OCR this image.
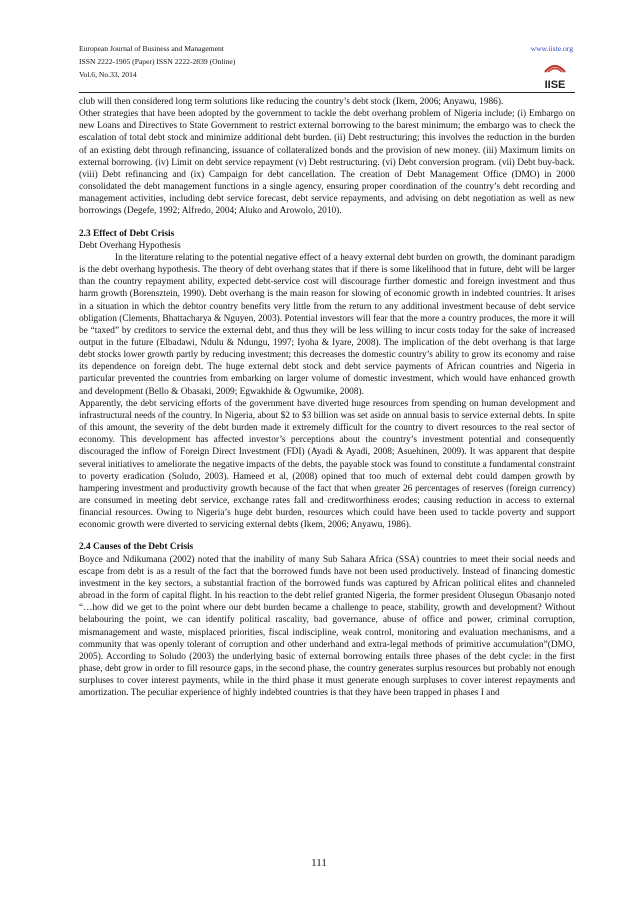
European Journal of Business and Management
ISSN 2222-1905 (Paper) ISSN 2222-2839 (Online)
Vol.6, No.33, 2014
www.iiste.org
IISE

club will then considered long term solutions like reducing the country’s debt stock (Ikem, 2006; Anyawu, 1986).

Other strategies that have been adopted by the government to tackle the debt overhang problem of Nigeria include; (i) Embargo on new Loans and Directives to State Government to restrict external borrowing to the barest minimum; the embargo was to check the escalation of total debt stock and minimize additional debt burden. (ii) Debt restructuring; this involves the reduction in the burden of an existing debt through refinancing, issuance of collateralized bonds and the provision of new money. (iii) Maximum limits on external borrowing. (iv) Limit on debt service repayment (v) Debt restructuring. (vi) Debt conversion program. (vii) Debt buy-back. (viii) Debt refinancing and (ix) Campaign for debt cancellation. The creation of Debt Management Office (DMO) in 2000 consolidated the debt management functions in a single agency, ensuring proper coordination of the country’s debt recording and management activities, including debt service forecast, debt service repayments, and advising on debt negotiation as well as new borrowings (Degefe, 1992; Alfredo, 2004; Aluko and Arowolo, 2010).

2.3 Effect of Debt Crisis

Debt Overhang Hypothesis

In the literature relating to the potential negative effect of a heavy external debt burden on growth, the dominant paradigm is the debt overhang hypothesis. The theory of debt overhang states that if there is some likelihood that in future, debt will be larger than the country repayment ability, expected debt-service cost will discourage further domestic and foreign investment and thus harm growth (Borensztein, 1990). Debt overhang is the main reason for slowing of economic growth in indebted countries. It arises in a situation in which the debtor country benefits very little from the return to any additional investment because of debt service obligation (Clements, Bhattacharya & Nguyen, 2003). Potential investors will fear that the more a country produces, the more it will be “taxed” by creditors to service the external debt, and thus they will be less willing to incur costs today for the sake of increased output in the future (Elbadawi, Ndulu & Ndungu, 1997; Iyoha & Iyare, 2008). The implication of the debt overhang is that large debt stocks lower growth partly by reducing investment; this decreases the domestic country’s ability to grow its economy and raise its dependence on foreign debt. The huge external debt stock and debt service payments of African countries and Nigeria in particular prevented the countries from embarking on larger volume of domestic investment, which would have enhanced growth and development (Bello & Obasaki, 2009; Egwakhide & Ogwumike, 2008).

Apparently, the debt servicing efforts of the government have diverted huge resources from spending on human development and infrastructural needs of the country. In Nigeria, about $2 to $3 billion was set aside on annual basis to service external debts. In spite of this amount, the severity of the debt burden made it extremely difficult for the country to divert resources to the real sector of economy. This development has affected investor’s perceptions about the country’s investment potential and consequently discouraged the inflow of Foreign Direct Investment (FDI) (Ayadi & Ayadi, 2008; Asuehinen, 2009). It was apparent that despite several initiatives to ameliorate the negative impacts of the debts, the payable stock was found to constitute a fundamental constraint to poverty eradication (Soludo, 2003). Hameed et al, (2008) opined that too much of external debt could dampen growth by hampering investment and productivity growth because of the fact that when greater 26 percentages of reserves (foreign currency) are consumed in meeting debt service, exchange rates fall and creditworthiness erodes; causing reduction in access to external financial resources. Owing to Nigeria’s huge debt burden, resources which could have been used to tackle poverty and support economic growth were diverted to servicing external debts (Ikem, 2006; Anyawu, 1986).

2.4 Causes of the Debt Crisis

Boyce and Ndikumana (2002) noted that the inability of many Sub Sahara Africa (SSA) countries to meet their social needs and escape from debt is as a result of the fact that the borrowed funds have not been used productively. Instead of financing domestic investment in the key sectors, a substantial fraction of the borrowed funds was captured by African political elites and channeled abroad in the form of capital flight. In his reaction to the debt relief granted Nigeria, the former president Olusegun Obasanjo noted “…how did we get to the point where our debt burden became a challenge to peace, stability, growth and development? Without belabouring the point, we can identify political rascality, bad governance, abuse of office and power, criminal corruption, mismanagement and waste, misplaced priorities, fiscal indiscipline, weak control, monitoring and evaluation mechanisms, and a community that was openly tolerant of corruption and other underhand and extra-legal methods of primitive accumulation”(DMO, 2005). According to Soludo (2003) the underlying basic of external borrowing entails three phases of the debt cycle: in the first phase, debt grow in order to fill resource gaps, in the second phase, the country generates surplus resources but probably not enough surpluses to cover interest payments, while in the third phase it must generate enough surpluses to cover interest repayments and amortization. The peculiar experience of highly indebted countries is that they have been trapped in phases I and

111
